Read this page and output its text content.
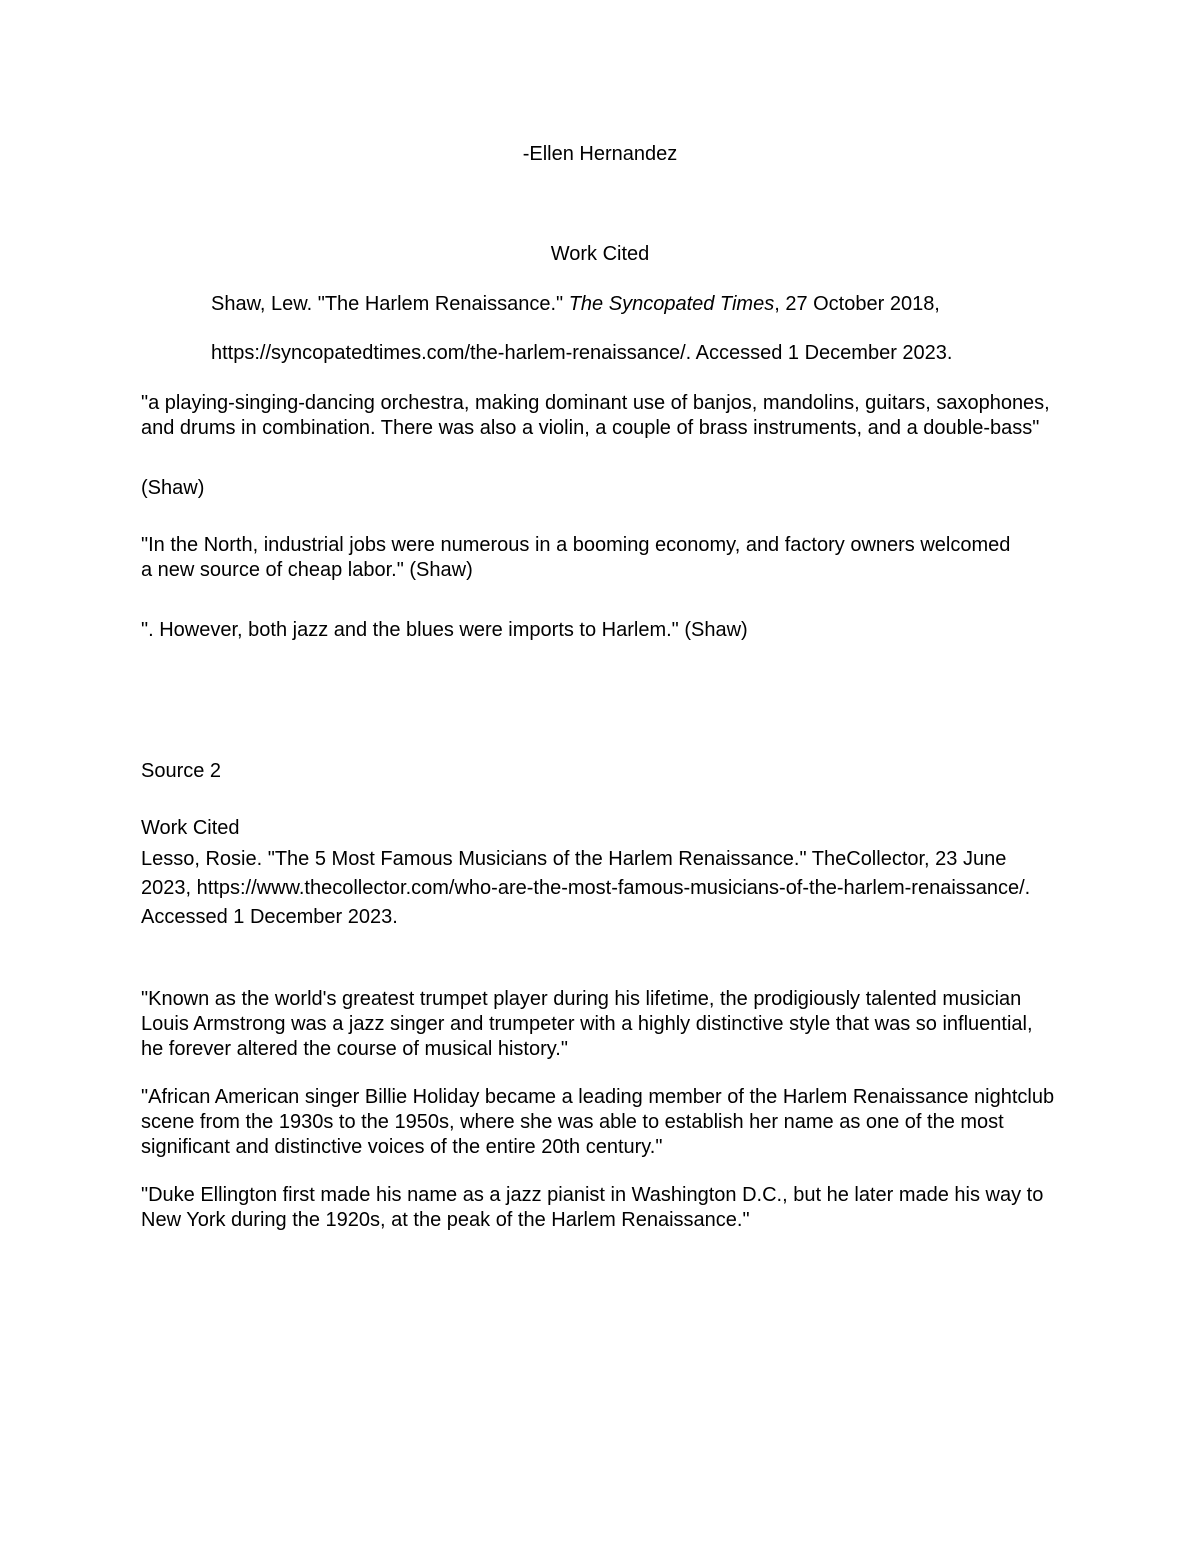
-Ellen Hernandez

Work Cited

Shaw, Lew. "The Harlem Renaissance." The Syncopated Times, 27 October 2018,

https://syncopatedtimes.com/the-harlem-renaissance/. Accessed 1 December 2023.

"a playing-singing-dancing orchestra, making dominant use of banjos, mandolins, guitars, saxophones, and drums in combination. There was also a violin, a couple of brass instruments, and a double-bass"

(Shaw)

"In the North, industrial jobs were numerous in a booming economy, and factory owners welcomed a new source of cheap labor." (Shaw)

". However, both jazz and the blues were imports to Harlem." (Shaw)

Source 2

Work Cited

Lesso, Rosie. "The 5 Most Famous Musicians of the Harlem Renaissance." TheCollector, 23 June 2023, https://www.thecollector.com/who-are-the-most-famous-musicians-of-the-harlem-renaissance/. Accessed 1 December 2023.

"Known as the world's greatest trumpet player during his lifetime, the prodigiously talented musician Louis Armstrong was a jazz singer and trumpeter with a highly distinctive style that was so influential, he forever altered the course of musical history."

"African American singer Billie Holiday became a leading member of the Harlem Renaissance nightclub scene from the 1930s to the 1950s, where she was able to establish her name as one of the most significant and distinctive voices of the entire 20th century."

"Duke Ellington first made his name as a jazz pianist in Washington D.C., but he later made his way to New York during the 1920s, at the peak of the Harlem Renaissance."
